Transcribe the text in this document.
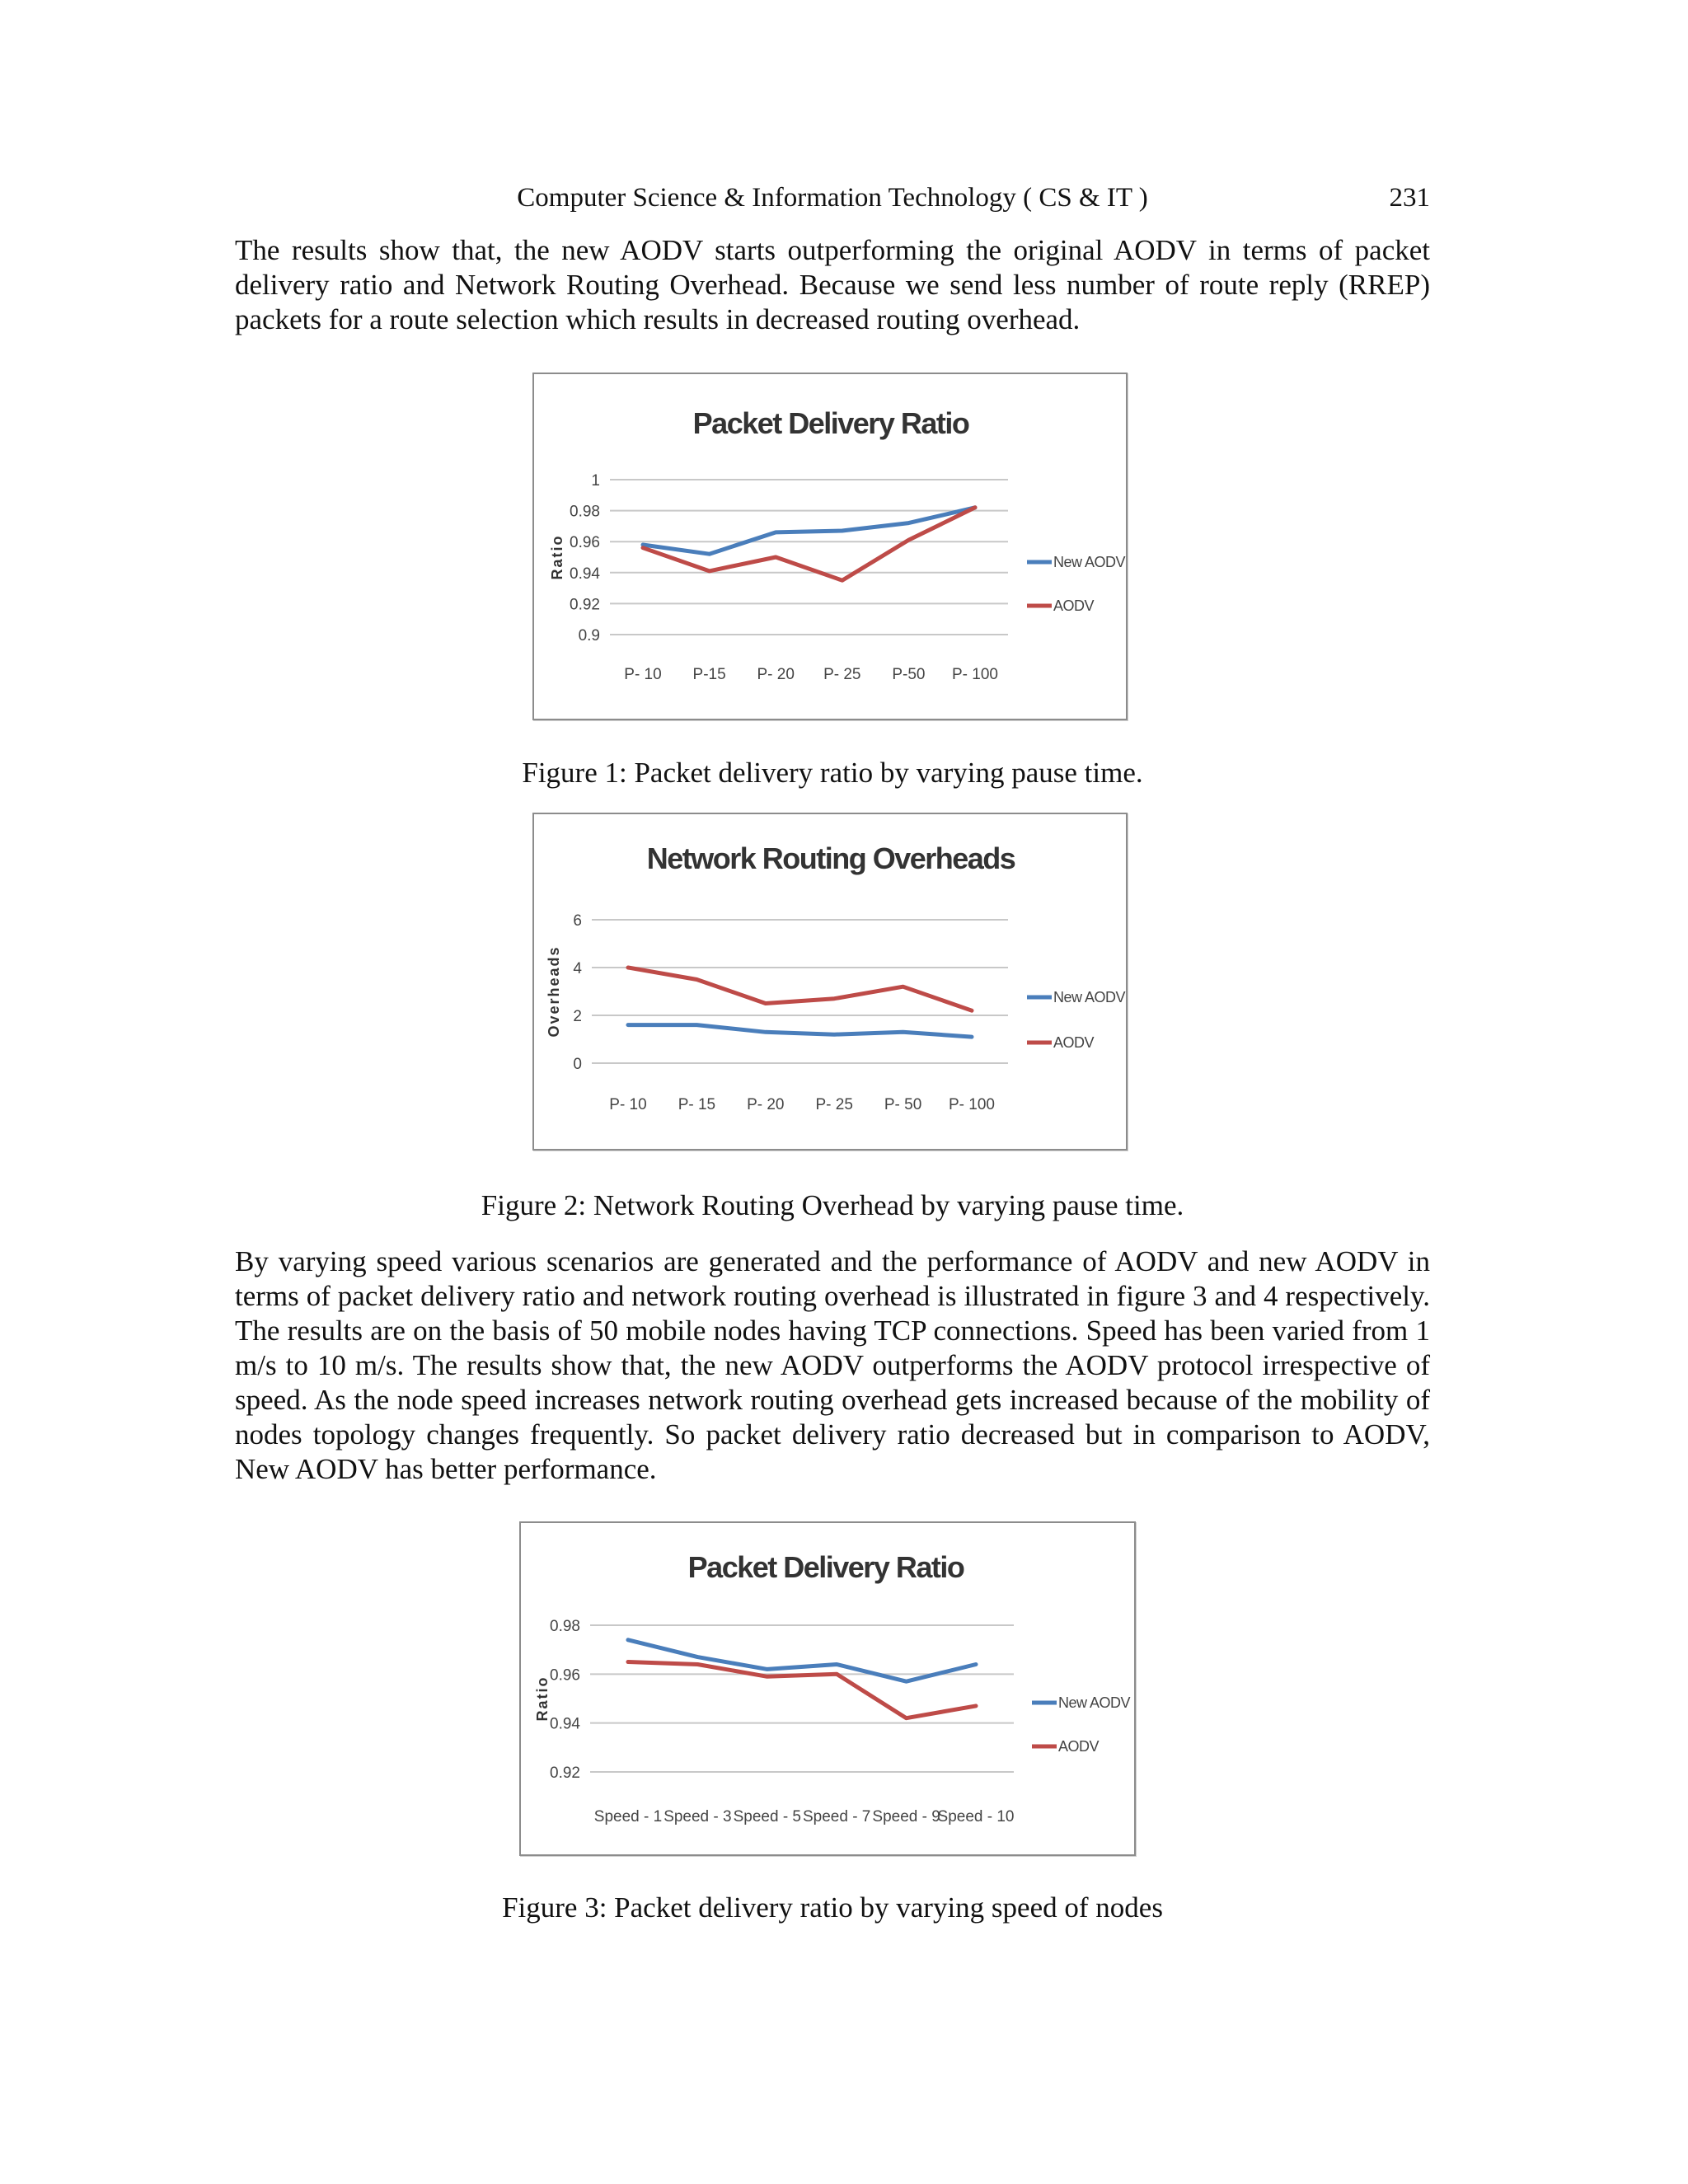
Computer Science & Information Technology ( CS & IT )	231

The results show that, the new AODV starts outperforming the original AODV in terms of packet delivery ratio and Network Routing Overhead. Because we send less number of route reply (RREP) packets for a route selection which results in decreased routing overhead.

Packet Delivery Ratio
1
0.98
0.96
0.94
0.92
0.9
Ratio
P- 10 P-15 P- 20 P- 25 P-50 P- 100
New AODV
AODV

Figure 1: Packet delivery ratio by varying pause time.

Network Routing Overheads
6
4
2
0
Overheads
P- 10 P- 15 P- 20 P- 25 P- 50 P- 100
New AODV
AODV

Figure 2: Network Routing Overhead by varying pause time.

By varying speed various scenarios are generated and the performance of AODV and new AODV in terms of packet delivery ratio and network routing overhead is illustrated in figure 3 and 4 respectively. The results are on the basis of 50 mobile nodes having TCP connections. Speed has been varied from 1 m/s to 10 m/s. The results show that, the new AODV outperforms the AODV protocol irrespective of speed. As the node speed increases network routing overhead gets increased because of the mobility of nodes topology changes frequently. So packet delivery ratio decreased but in comparison to AODV, New AODV has better performance.

Packet Delivery Ratio
0.98
0.96
0.94
0.92
Ratio
Speed - 1 Speed - 3 Speed - 5 Speed - 7 Speed - 9
Speed - 10
New AODV
AODV

Figure 3: Packet delivery ratio by varying speed of nodes
